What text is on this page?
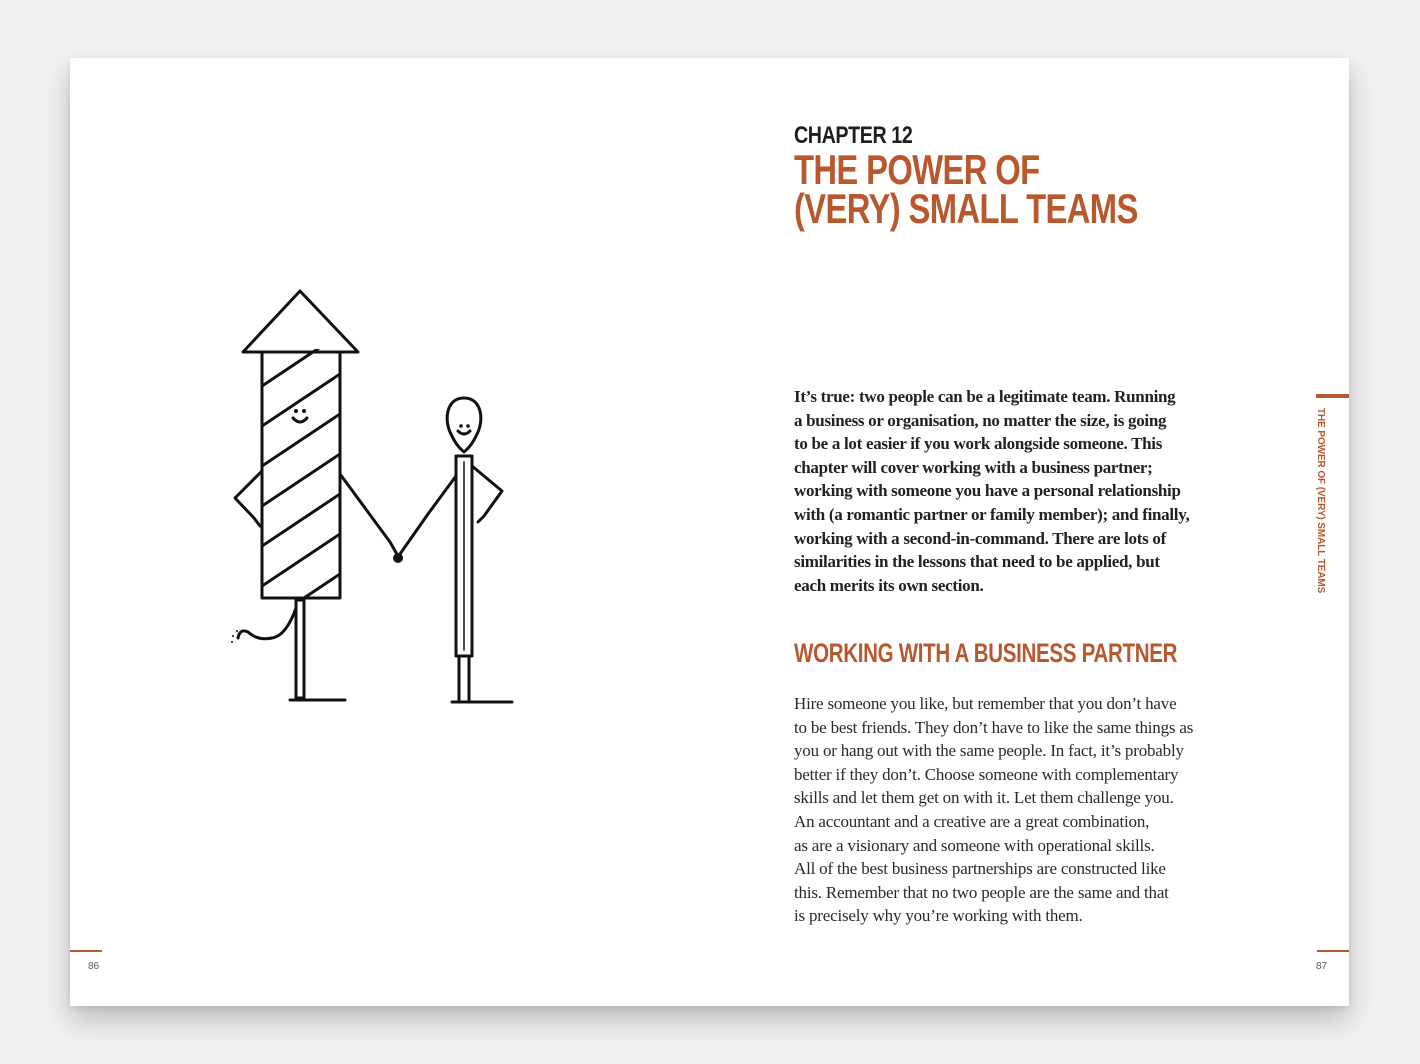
86
CHAPTER 12
THE POWER OF
(VERY) SMALL TEAMS
It’s true: two people can be a legitimate team. Running
a business or organisation, no matter the size, is going
to be a lot easier if you work alongside someone. This
chapter will cover working with a business partner;
working with someone you have a personal relationship
with (a romantic partner or family member); and finally,
working with a second-in-command. There are lots of
similarities in the lessons that need to be applied, but
each merits its own section.
WORKING WITH A BUSINESS PARTNER
Hire someone you like, but remember that you don’t have
to be best friends. They don’t have to like the same things as
you or hang out with the same people. In fact, it’s probably
better if they don’t. Choose someone with complementary
skills and let them get on with it. Let them challenge you.
An accountant and a creative are a great combination,
as are a visionary and someone with operational skills.
All of the best business partnerships are constructed like
this. Remember that no two people are the same and that
is precisely why you’re working with them.
THE POWER OF (VERY) SMALL TEAMS
87
